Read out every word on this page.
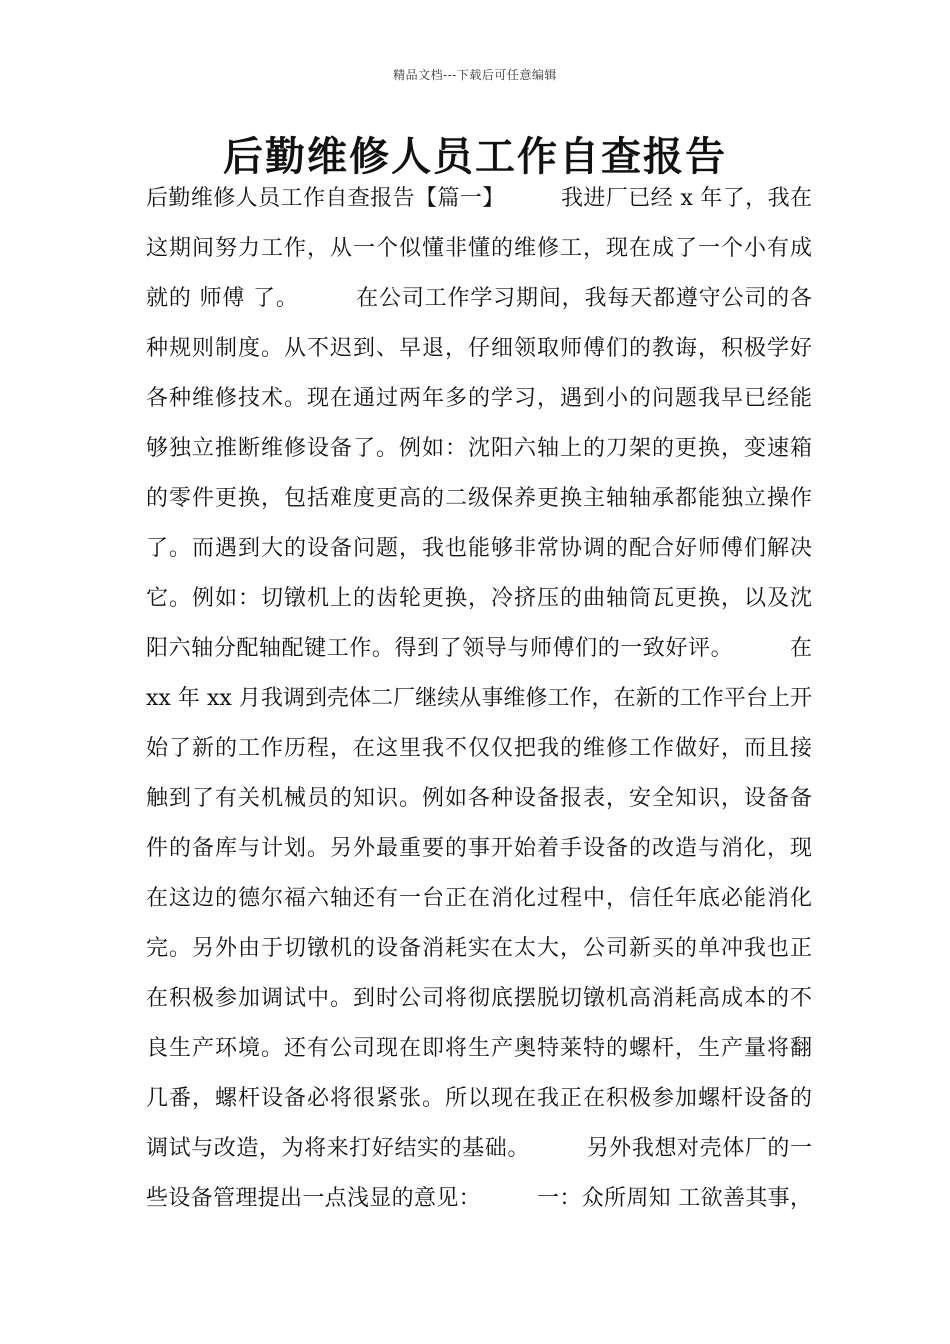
精品文档---下载后可任意编辑
后勤维修人员工作自查报告
后勤维修人员工作自查报告【篇一】　　　我进厂已经 x 年了，我在
这期间努力工作，从一个似懂非懂的维修工，现在成了一个小有成
就的 师傅 了。　　　在公司工作学习期间，我每天都遵守公司的各
种规则制度。从不迟到、早退，仔细领取师傅们的教诲，积极学好
各种维修技术。现在通过两年多的学习，遇到小的问题我早已经能
够独立推断维修设备了。例如：沈阳六轴上的刀架的更换，变速箱
的零件更换，包括难度更高的二级保养更换主轴轴承都能独立操作
了。而遇到大的设备问题，我也能够非常协调的配合好师傅们解决
它。例如：切镦机上的齿轮更换，冷挤压的曲轴筒瓦更换，以及沈
阳六轴分配轴配键工作。得到了领导与师傅们的一致好评。　　　在
xx 年 xx 月我调到壳体二厂继续从事维修工作，在新的工作平台上开
始了新的工作历程，在这里我不仅仅把我的维修工作做好，而且接
触到了有关机械员的知识。例如各种设备报表，安全知识，设备备
件的备库与计划。另外最重要的事开始着手设备的改造与消化，现
在这边的德尔福六轴还有一台正在消化过程中，信任年底必能消化
完。另外由于切镦机的设备消耗实在太大，公司新买的单冲我也正
在积极参加调试中。到时公司将彻底摆脱切镦机高消耗高成本的不
良生产环境。还有公司现在即将生产奥特莱特的螺杆，生产量将翻
几番，螺杆设备必将很紧张。所以现在我正在积极参加螺杆设备的
调试与改造，为将来打好结实的基础。　　　另外我想对壳体厂的一
些设备管理提出一点浅显的意见：　　　一：众所周知 工欲善其事，
